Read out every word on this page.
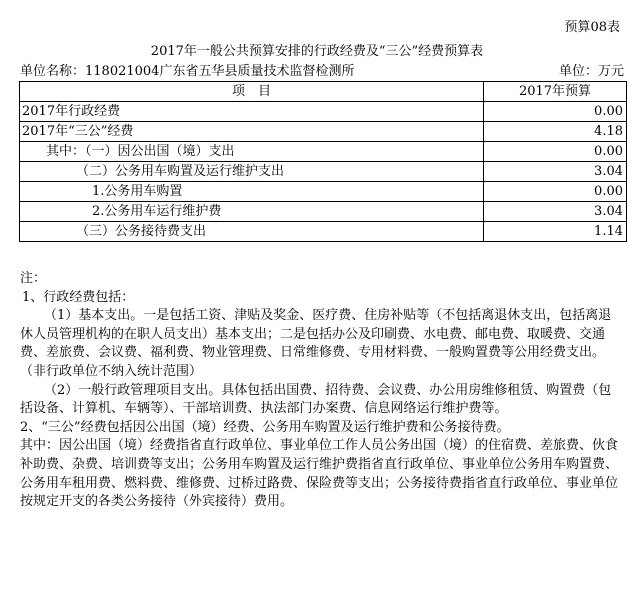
预算08表
2017年一般公共预算安排的行政经费及“三公”经费预算表
单位名称：118021004广东省五华县质量技术监督检测所	单位：万元
项　目	2017年预算
2017年行政经费	0.00
2017年“三公”经费	4.18
其中：（一）因公出国（境）支出	0.00
（二）公务用车购置及运行维护支出	3.04
1.公务用车购置	0.00
2.公务用车运行维护费	3.04
（三）公务接待费支出	1.14

注：

1、行政经费包括：

（1）基本支出。一是包括工资、津贴及奖金、医疗费、住房补贴等（不包括离退休支出，包括离退休人员管理机构的在职人员支出）基本支出；二是包括办公及印刷费、水电费、邮电费、取暖费、交通费、差旅费、会议费、福利费、物业管理费、日常维修费、专用材料费、一般购置费等公用经费支出。（非行政单位不纳入统计范围）

（2）一般行政管理项目支出。具体包括出国费、招待费、会议费、办公用房维修租赁、购置费（包括设备、计算机、车辆等）、干部培训费、执法部门办案费、信息网络运行维护费等。

2、“三公”经费包括因公出国（境）经费、公务用车购置及运行维护费和公务接待费。

其中：因公出国（境）经费指省直行政单位、事业单位工作人员公务出国（境）的住宿费、差旅费、伙食补助费、杂费、培训费等支出；公务用车购置及运行维护费指省直行政单位、事业单位公务用车购置费、公务用车租用费、燃料费、维修费、过桥过路费、保险费等支出；公务接待费指省直行政单位、事业单位按规定开支的各类公务接待（外宾接待）费用。
